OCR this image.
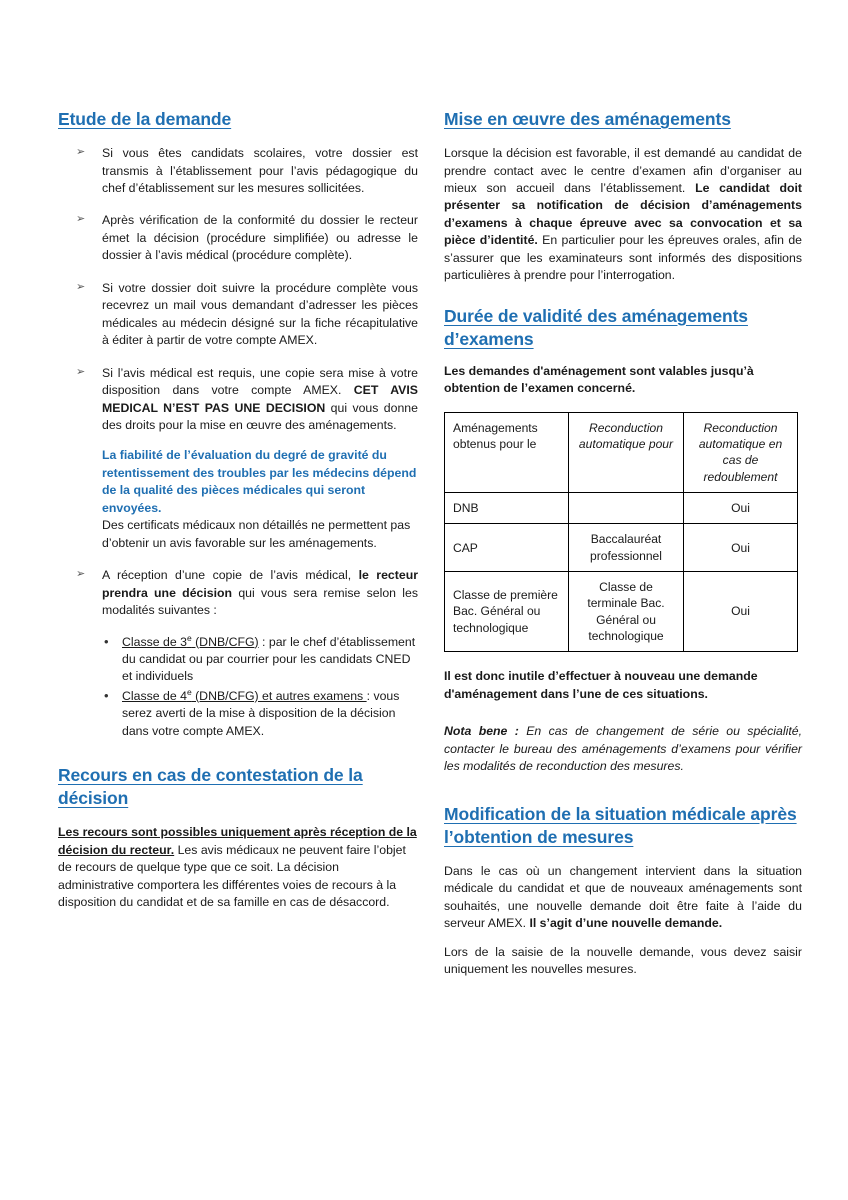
Etude de la demande
➢ Si vous êtes candidats scolaires, votre dossier est transmis à l’établissement pour l’avis pédagogique du chef d’établissement sur les mesures sollicitées.
➢ Après vérification de la conformité du dossier le recteur émet la décision (procédure simplifiée) ou adresse le dossier à l’avis médical (procédure complète).
➢ Si votre dossier doit suivre la procédure complète vous recevrez un mail vous demandant d’adresser les pièces médicales au médecin désigné sur la fiche récapitulative à éditer à partir de votre compte AMEX.
➢ Si l’avis médical est requis, une copie sera mise à votre disposition dans votre compte AMEX. CET AVIS MEDICAL N’EST PAS UNE DECISION qui vous donne des droits pour la mise en œuvre des aménagements.
La fiabilité de l’évaluation du degré de gravité du retentissement des troubles par les médecins dépend de la qualité des pièces médicales qui seront envoyées.
Des certificats médicaux non détaillés ne permettent pas d’obtenir un avis favorable sur les aménagements.
➢ A réception d’une copie de l’avis médical, le recteur prendra une décision qui vous sera remise selon les modalités suivantes :
• Classe de 3e (DNB/CFG) : par le chef d’établissement du candidat ou par courrier pour les candidats CNED et individuels
• Classe de 4e (DNB/CFG) et autres examens : vous serez averti de la mise à disposition de la décision dans votre compte AMEX.
Recours en cas de contestation de la décision

Les recours sont possibles uniquement après réception de la décision du recteur. Les avis médicaux ne peuvent faire l’objet de recours de quelque type que ce soit. La décision administrative comportera les différentes voies de recours à la disposition du candidat et de sa famille en cas de désaccord.

Mise en œuvre des aménagements

Lorsque la décision est favorable, il est demandé au candidat de prendre contact avec le centre d’examen afin d’organiser au mieux son accueil dans l’établissement. Le candidat doit présenter sa notification de décision d’aménagements d’examens à chaque épreuve avec sa convocation et sa pièce d’identité. En particulier pour les épreuves orales, afin de s’assurer que les examinateurs sont informés des dispositions particulières à prendre pour l’interrogation.

Durée de validité des aménagements d’examens

Les demandes d'aménagement sont valables jusqu’à obtention de l’examen concerné.

Aménagements obtenus pour le	Reconduction automatique pour	Reconduction automatique en cas de redoublement
DNB		Oui
CAP	Baccalauréat professionnel	Oui
Classe de première Bac. Général ou technologique	Classe de terminale Bac. Général ou technologique	Oui

Il est donc inutile d’effectuer à nouveau une demande d'aménagement dans l’une de ces situations.

Nota bene : En cas de changement de série ou spécialité, contacter le bureau des aménagements d’examens pour vérifier les modalités de reconduction des mesures.

Modification de la situation médicale après l’obtention de mesures

Dans le cas où un changement intervient dans la situation médicale du candidat et que de nouveaux aménagements sont souhaités, une nouvelle demande doit être faite à l’aide du serveur AMEX. Il s’agit d’une nouvelle demande.

Lors de la saisie de la nouvelle demande, vous devez saisir uniquement les nouvelles mesures.
